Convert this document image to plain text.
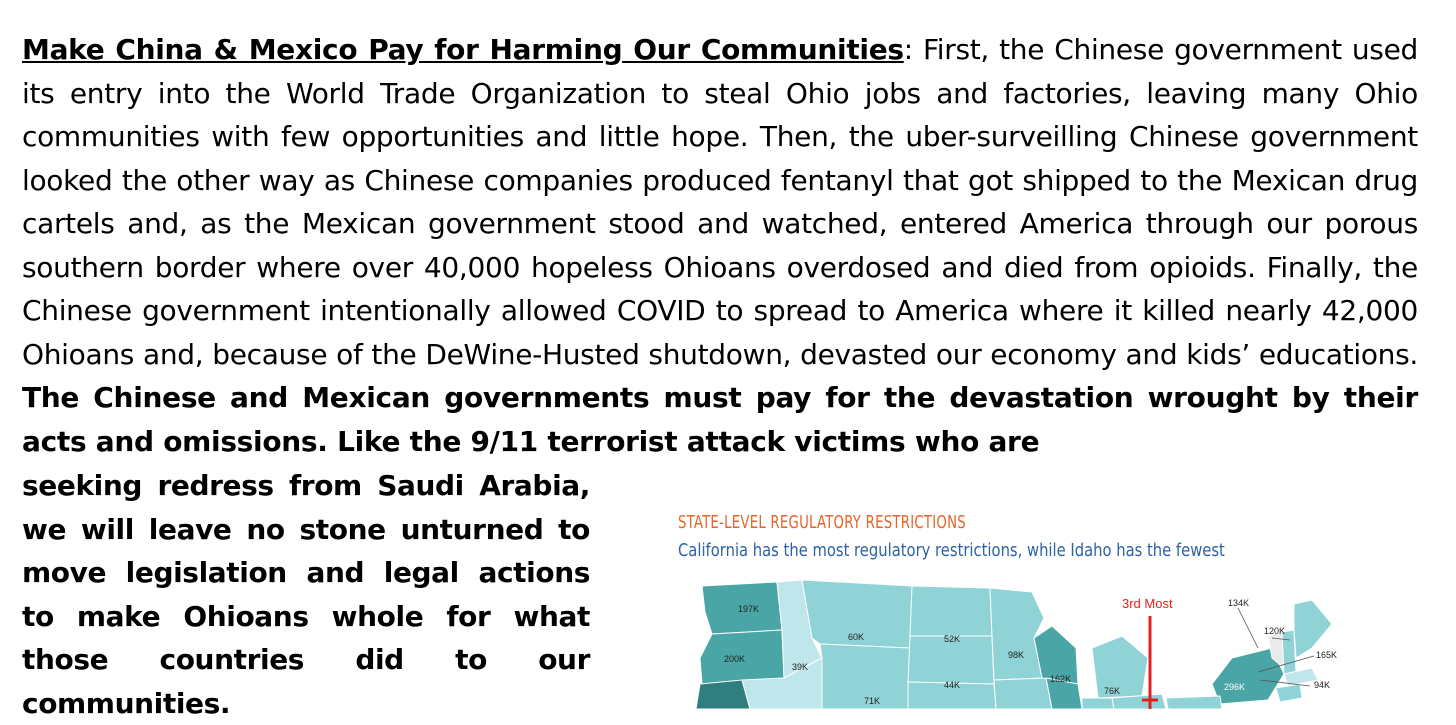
Make China & Mexico Pay for Harming Our Communities: First, the Chinese government used its entry into the World Trade Organization to steal Ohio jobs and factories, leaving many Ohio communities with few opportunities and little hope. Then, the uber-surveilling Chinese government looked the other way as Chinese companies produced fentanyl that got shipped to the Mexican drug cartels and, as the Mexican government stood and watched, entered America through our porous southern border where over 40,000 hopeless Ohioans overdosed and died from opioids. Finally, the Chinese government intentionally allowed COVID to spread to America where it killed nearly 42,000 Ohioans and, because of the DeWine-Husted shutdown, devasted our economy and kids’ educations. The Chinese and Mexican governments must pay for the devastation wrought by their acts and omissions. Like the 9/11 terrorist attack victims who are
seeking redress from Saudi Arabia, we will leave no stone unturned to move legislation and legal actions to make Ohioans whole for what those countries did to our communities.
STATE-LEVEL REGULATORY RESTRICTIONS
California has the most regulatory restrictions, while Idaho has the fewest
3rd Most
197K
60K	52K
200K
39K
98K
44K
162K
76K
71K
134K
120K
165K
94K
296K
